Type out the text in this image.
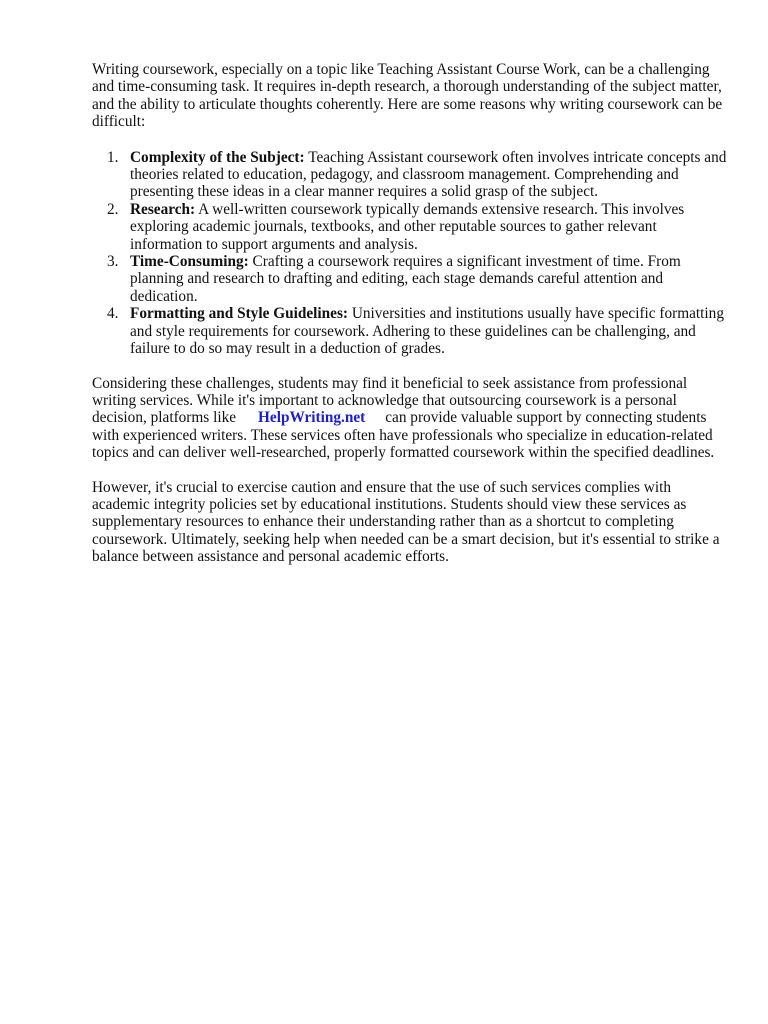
Writing coursework, especially on a topic like Teaching Assistant Course Work, can be a challenging and time-consuming task. It requires in-depth research, a thorough understanding of the subject matter, and the ability to articulate thoughts coherently. Here are some reasons why writing coursework can be difficult:

1. Complexity of the Subject: Teaching Assistant coursework often involves intricate concepts and theories related to education, pedagogy, and classroom management. Comprehending and presenting these ideas in a clear manner requires a solid grasp of the subject.
2. Research: A well-written coursework typically demands extensive research. This involves exploring academic journals, textbooks, and other reputable sources to gather relevant information to support arguments and analysis.
3. Time-Consuming: Crafting a coursework requires a significant investment of time. From planning and research to drafting and editing, each stage demands careful attention and dedication.
4. Formatting and Style Guidelines: Universities and institutions usually have specific formatting and style requirements for coursework. Adhering to these guidelines can be challenging, and failure to do so may result in a deduction of grades.

Considering these challenges, students may find it beneficial to seek assistance from professional writing services. While it's important to acknowledge that outsourcing coursework is a personal decision, platforms like HelpWriting.net can provide valuable support by connecting students with experienced writers. These services often have professionals who specialize in education-related topics and can deliver well-researched, properly formatted coursework within the specified deadlines.

However, it's crucial to exercise caution and ensure that the use of such services complies with academic integrity policies set by educational institutions. Students should view these services as supplementary resources to enhance their understanding rather than as a shortcut to completing coursework. Ultimately, seeking help when needed can be a smart decision, but it's essential to strike a balance between assistance and personal academic efforts.
